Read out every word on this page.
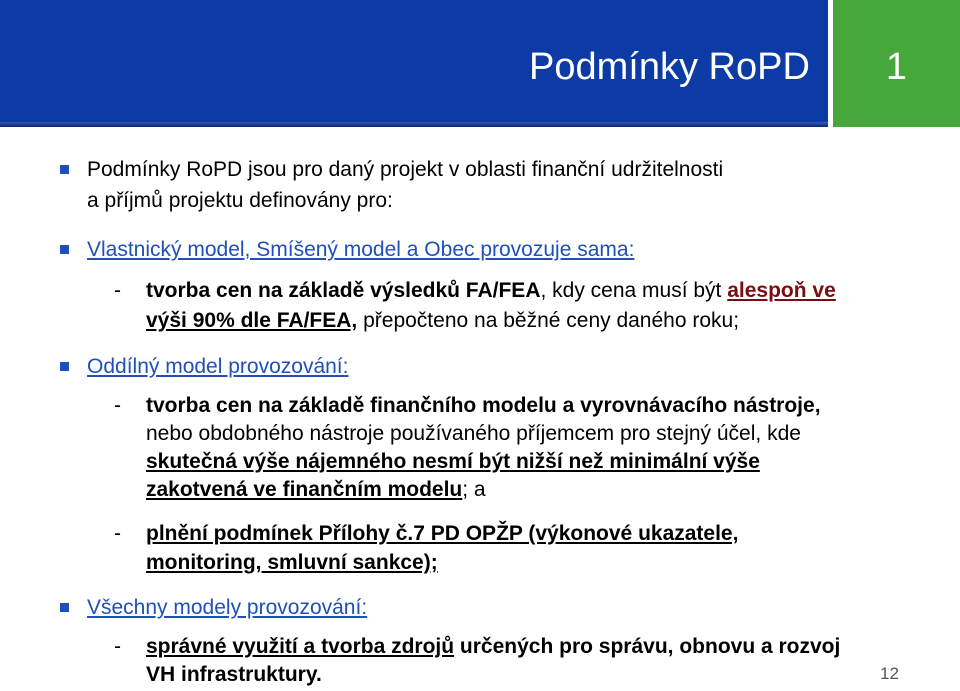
Podmínky RoPD	1
Podmínky RoPD jsou pro daný projekt v oblasti finanční udržitelnosti
a příjmů projektu definovány pro:
Vlastnický model, Smíšený model a Obec provozuje sama:
- tvorba cen na základě výsledků FA/FEA, kdy cena musí být alespoň ve
výši 90% dle FA/FEA, přepočteno na běžné ceny daného roku;
Oddílný model provozování:
- tvorba cen na základě finančního modelu a vyrovnávacího nástroje,
nebo obdobného nástroje používaného příjemcem pro stejný účel, kde
skutečná výše nájemného nesmí být nižší než minimální výše
zakotvená ve finančním modelu; a
- plnění podmínek Přílohy č.7 PD OPŽP (výkonové ukazatele,
monitoring, smluvní sankce);
Všechny modely provozování:
- správné využití a tvorba zdrojů určených pro správu, obnovu a rozvoj
VH infrastruktury.	12
